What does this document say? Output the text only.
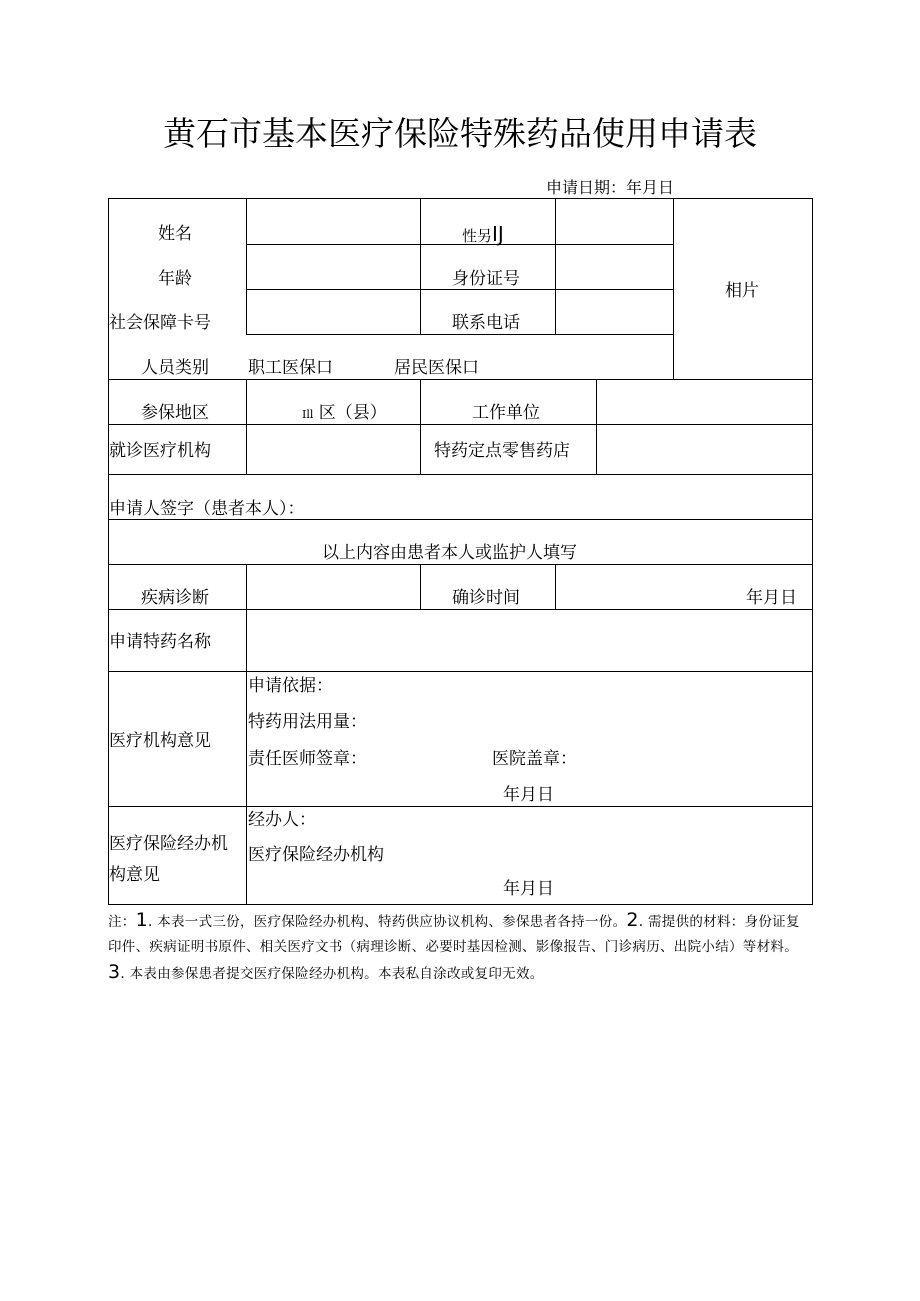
黄石市基本医疗保险特殊药品使用申请表
申请日期：年月日
姓名	性另IJ
年龄	身份证号
相片
社会保障卡号	联系电话
人员类别 职工医保口	居民医保口
参保地区	Ill 区（县）	工作单位
就诊医疗机构	特药定点零售药店
申请人签字（患者本人）：
以上内容由患者本人或监护人填写
疾病诊断	确诊时间	年月日
申请特药名称
医疗机构意见
申请依据：
特药用法用量：
责任医师签章：	医院盖章：
年月日
医疗保险经办机
构意见
经办人：
医疗保险经办机构
年月日
注：1. 本表一式三份，医疗保险经办机构、特药供应协议机构、参保患者各持一份。2. 需提供的材料：身份证复印件、疾病证明书原件、相关医疗文书（病理诊断、必要时基因检测、影像报告、门诊病历、出院小结）等材料。3. 本表由参保患者提交医疗保险经办机构。本表私自涂改或复印无效。
